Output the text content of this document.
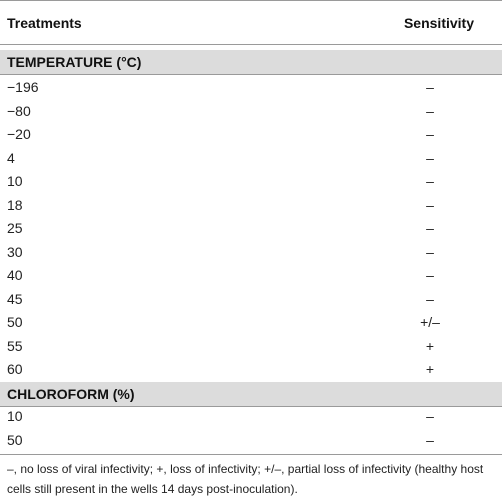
Treatments	Sensitivity
TEMPERATURE (°C)
−196	–
−80	–
−20	–
4	–
10	–
18	–
25	–
30	–
40	–
45	–
50	+/–
55	+
60	+
CHLOROFORM (%)
10	–
50	–
–, no loss of viral infectivity; +, loss of infectivity; +/–, partial loss of infectivity (healthy host
cells still present in the wells 14 days post-inoculation).
